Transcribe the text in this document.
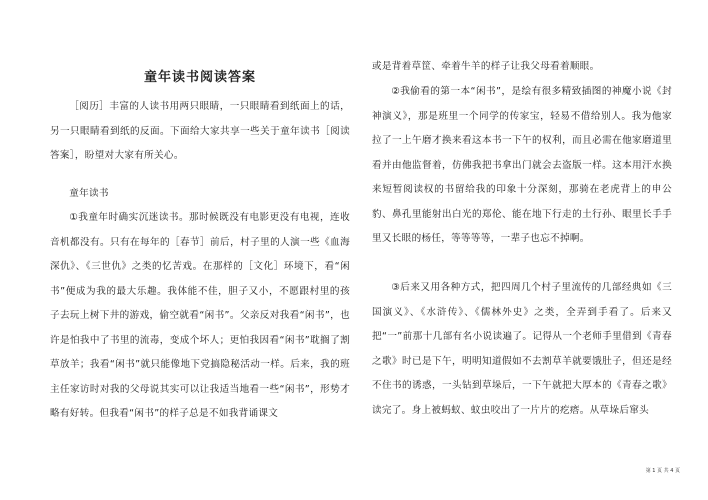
童年读书阅读答案
［阅历］丰富的人读书用两只眼睛，一只眼睛看到纸面上的话，另一只眼睛看到纸的反面。下面给大家共享一些关于童年读书［阅读答案］，盼望对大家有所关心。
童年读书
①我童年时确实沉迷读书。那时候既没有电影更没有电视，连收音机都没有。只有在每年的［春节］前后，村子里的人演一些《血海深仇》、《三世仇》之类的忆苦戏。在那样的［文化］环境下，看“闲书”便成为我的最大乐趣。我体能不佳，胆子又小，不愿跟村里的孩子去玩上树下井的游戏，偷空就看“闲书”。父亲反对我看“闲书”，也许是怕我中了书里的流毒，变成个坏人；更怕我因看“闲书”耽搁了割草放羊；我看“闲书”就只能像地下党搞隐秘活动一样。后来，我的班主任家访时对我的父母说其实可以让我适当地看一些“闲书”，形势才略有好转。但我看“闲书”的样子总是不如我背诵课文
或是背着草筐、牵着牛羊的样子让我父母看着顺眼。
②我偷看的第一本“闲书”，是绘有很多精致插图的神魔小说《封神演义》，那是班里一个同学的传家宝，轻易不借给别人。我为他家拉了一上午磨才换来看这本书一下午的权利，而且必需在他家磨道里看并由他监督着，仿佛我把书拿出门就会去盗版一样。这本用汗水换来短暂阅读权的书留给我的印象十分深刻，那骑在老虎背上的申公豹、鼻孔里能射出白光的郑伦、能在地下行走的土行孙、眼里长手手里又长眼的杨任，等等等等，一辈子也忘不掉啊。
③后来又用各种方式，把四周几个村子里流传的几部经典如《三国演义》、《水浒传》、《儒林外史》之类，全弄到手看了。后来又把“一”前那十几部有名小说读遍了。记得从一个老师手里借到《青春之歌》时已是下午，明明知道假如不去割草羊就要饿肚子，但还是经不住书的诱惑，一头钻到草垛后，一下午就把大厚本的《青春之歌》读完了。身上被蚂蚁、蚊虫咬出了一片片的疙瘩。从草垛后窜头
第 1 页 共 4 页
